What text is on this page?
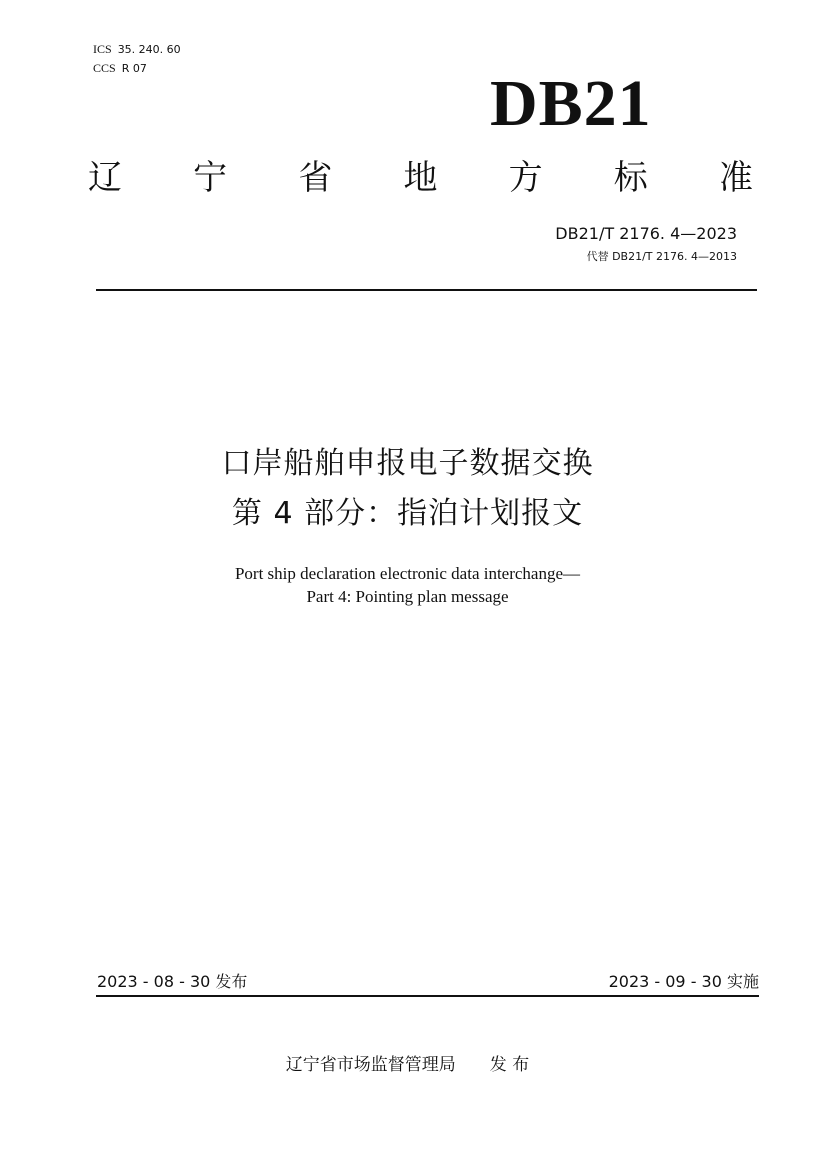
ICS 35. 240. 60
CCS R 07	DB21
辽 宁 省 地 方 标 准
DB21/T 2176. 4—2023
代替 DB21/T 2176. 4—2013
口岸船舶申报电子数据交换
第 4 部分：指泊计划报文
Port ship declaration electronic data interchange—
Part 4: Pointing plan message
2023 - 08 - 30 发布	2023 - 09 - 30 实施
辽宁省市场监督管理局 发 布
